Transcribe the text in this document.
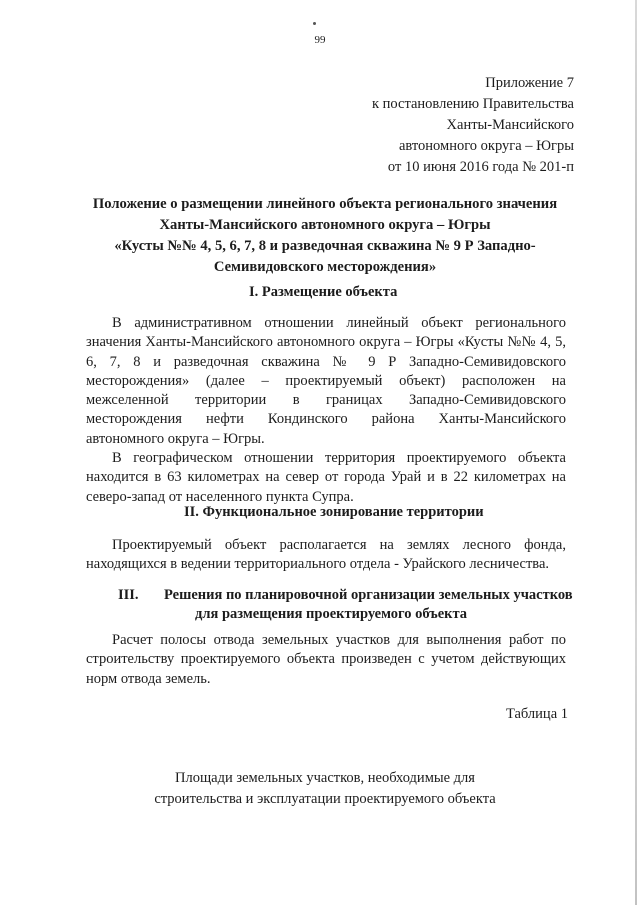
99
Приложение 7
к постановлению Правительства
Ханты-Мансийского
автономного округа – Югры
от 10 июня 2016 года № 201-п
Положение о размещении линейного объекта регионального значения
Ханты-Мансийского автономного округа – Югры
«Кусты №№ 4, 5, 6, 7, 8 и разведочная скважина № 9 Р Западно-
Семивидовского месторождения»
I. Размещение объекта

В административном отношении линейный объект регионального значения Ханты-Мансийского автономного округа – Югры «Кусты №№ 4, 5, 6, 7, 8 и разведочная скважина № 9 Р Западно-Семивидовского месторождения» (далее – проектируемый объект) расположен на межселенной территории в границах Западно-Семивидовского месторождения нефти Кондинского района Ханты-Мансийского автономного округа – Югры.

В географическом отношении территория проектируемого объекта находится в 63 километрах на север от города Урай и в 22 километрах на северо-запад от населенного пункта Супра.

II. Функциональное зонирование территории

Проектируемый объект располагается на землях лесного фонда, находящихся в ведении территориального отдела - Урайского лесничества.

III. Решения по планировочной организации земельных участков
для размещения проектируемого объекта

Расчет полосы отвода земельных участков для выполнения работ по строительству проектируемого объекта произведен с учетом действующих норм отвода земель.

Таблица 1
Площади земельных участков, необходимые для
строительства и эксплуатации проектируемого объекта
